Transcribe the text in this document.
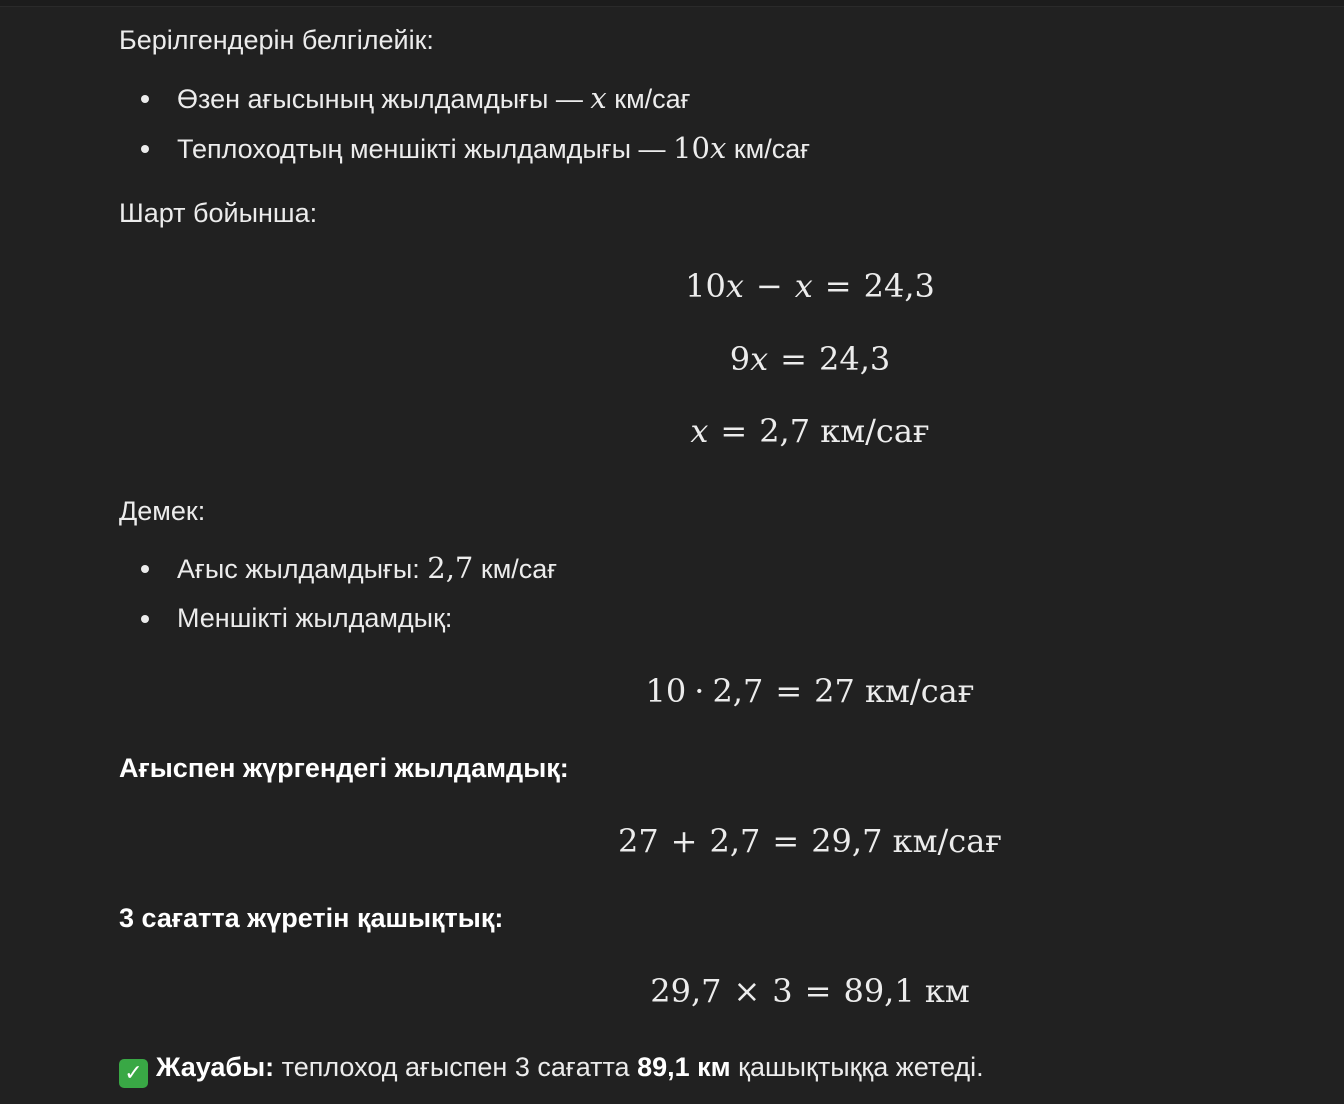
Берілгендерін белгілейік:
Өзен ағысының жылдамдығы — x км/сағ
Теплоходтың меншікті жылдамдығы — 10x км/сағ
Шарт бойынша:
10x − x = 24,3
9x = 24,3
x = 2,7 км/сағ
Демек:
Ағыс жылдамдығы: 2,7 км/сағ
Меншікті жылдамдық:
10 · 2,7 = 27 км/сағ
Ағыспен жүргендегі жылдамдық:
27 + 2,7 = 29,7 км/сағ
3 сағатта жүретін қашықтық:
29,7 × 3 = 89,1 км
✓ Жауабы: теплоход ағыспен 3 сағатта 89,1 км қашықтыққа жетеді.
